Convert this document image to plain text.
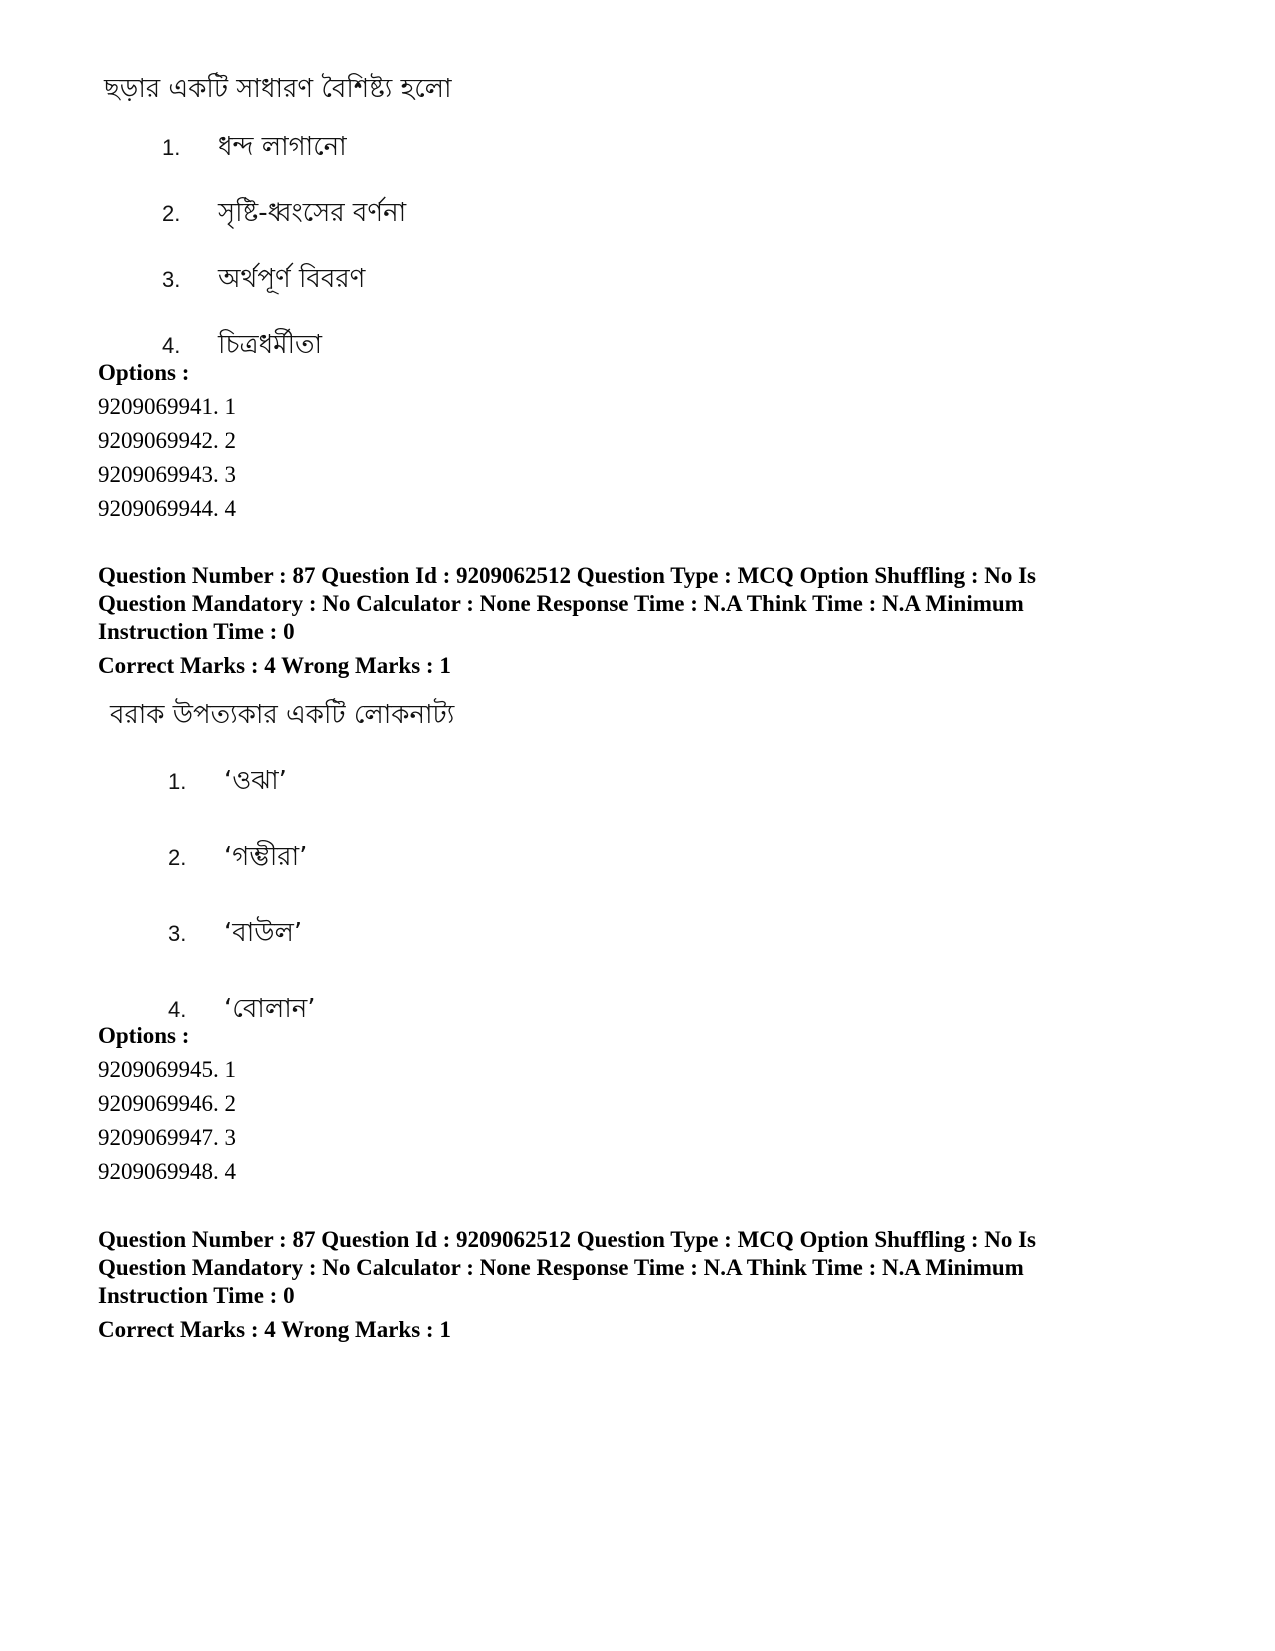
ছড়ার একটি সাধারণ বৈশিষ্ট্য হলো
1.	ধন্দ লাগানো
2.	সৃষ্টি-ধ্বংসের বর্ণনা
3.	অর্থপূর্ণ বিবরণ
4.	চিত্রধর্মীতা
Options :
9209069941. 1
9209069942. 2
9209069943. 3
9209069944. 4
Question Number : 87 Question Id : 9209062512 Question Type : MCQ Option Shuffling : No Is
Question Mandatory : No Calculator : None Response Time : N.A Think Time : N.A Minimum
Instruction Time : 0
Correct Marks : 4 Wrong Marks : 1
বরাক উপত্যকার একটি লোকনাট্য
1.	‘ওঝা’
2.	‘গম্ভীরা’
3.	‘বাউল’
4.	‘বোলান’
Options :
9209069945. 1
9209069946. 2
9209069947. 3
9209069948. 4
Question Number : 87 Question Id : 9209062512 Question Type : MCQ Option Shuffling : No Is
Question Mandatory : No Calculator : None Response Time : N.A Think Time : N.A Minimum
Instruction Time : 0
Correct Marks : 4 Wrong Marks : 1
